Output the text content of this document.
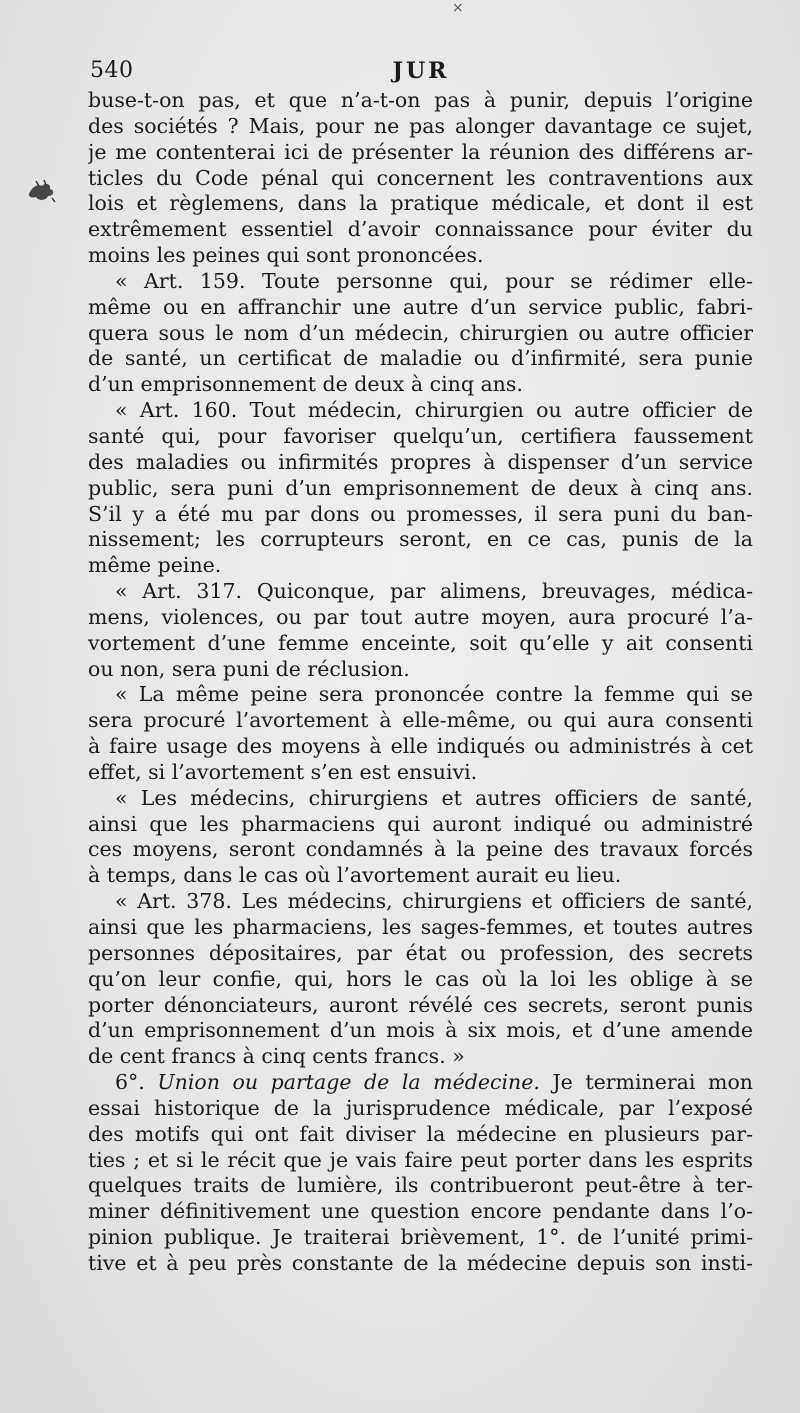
×
540	JUR
buse-t-on pas, et que n’a-t-on pas à punir, depuis l’origine
des sociétés ? Mais, pour ne pas alonger davantage ce sujet,
je me contenterai ici de présenter la réunion des différens ar-
ticles du Code pénal qui concernent les contraventions aux
lois et règlemens, dans la pratique médicale, et dont il est
extrêmement essentiel d’avoir connaissance pour éviter du
moins les peines qui sont prononcées.
« Art. 159. Toute personne qui, pour se rédimer elle-
même ou en affranchir une autre d’un service public, fabri-
quera sous le nom d’un médecin, chirurgien ou autre officier
de santé, un certificat de maladie ou d’infirmité, sera punie
d’un emprisonnement de deux à cinq ans.
« Art. 160. Tout médecin, chirurgien ou autre officier de
santé qui, pour favoriser quelqu’un, certifiera faussement
des maladies ou infirmités propres à dispenser d’un service
public, sera puni d’un emprisonnement de deux à cinq ans.
S’il y a été mu par dons ou promesses, il sera puni du ban-
nissement; les corrupteurs seront, en ce cas, punis de la
même peine.
« Art. 317. Quiconque, par alimens, breuvages, médica-
mens, violences, ou par tout autre moyen, aura procuré l’a-
vortement d’une femme enceinte, soit qu’elle y ait consenti
ou non, sera puni de réclusion.
« La même peine sera prononcée contre la femme qui se
sera procuré l’avortement à elle-même, ou qui aura consenti
à faire usage des moyens à elle indiqués ou administrés à cet
effet, si l’avortement s’en est ensuivi.
« Les médecins, chirurgiens et autres officiers de santé,
ainsi que les pharmaciens qui auront indiqué ou administré
ces moyens, seront condamnés à la peine des travaux forcés
à temps, dans le cas où l’avortement aurait eu lieu.
« Art. 378. Les médecins, chirurgiens et officiers de santé,
ainsi que les pharmaciens, les sages-femmes, et toutes autres
personnes dépositaires, par état ou profession, des secrets
qu’on leur confie, qui, hors le cas où la loi les oblige à se
porter dénonciateurs, auront révélé ces secrets, seront punis
d’un emprisonnement d’un mois à six mois, et d’une amende
de cent francs à cinq cents francs. »
6°. Union ou partage de la médecine. Je terminerai mon
essai historique de la jurisprudence médicale, par l’exposé
des motifs qui ont fait diviser la médecine en plusieurs par-
ties ; et si le récit que je vais faire peut porter dans les esprits
quelques traits de lumière, ils contribueront peut-être à ter-
miner définitivement une question encore pendante dans l’o-
pinion publique. Je traiterai brièvement, 1°. de l’unité primi-
tive et à peu près constante de la médecine depuis son insti-
